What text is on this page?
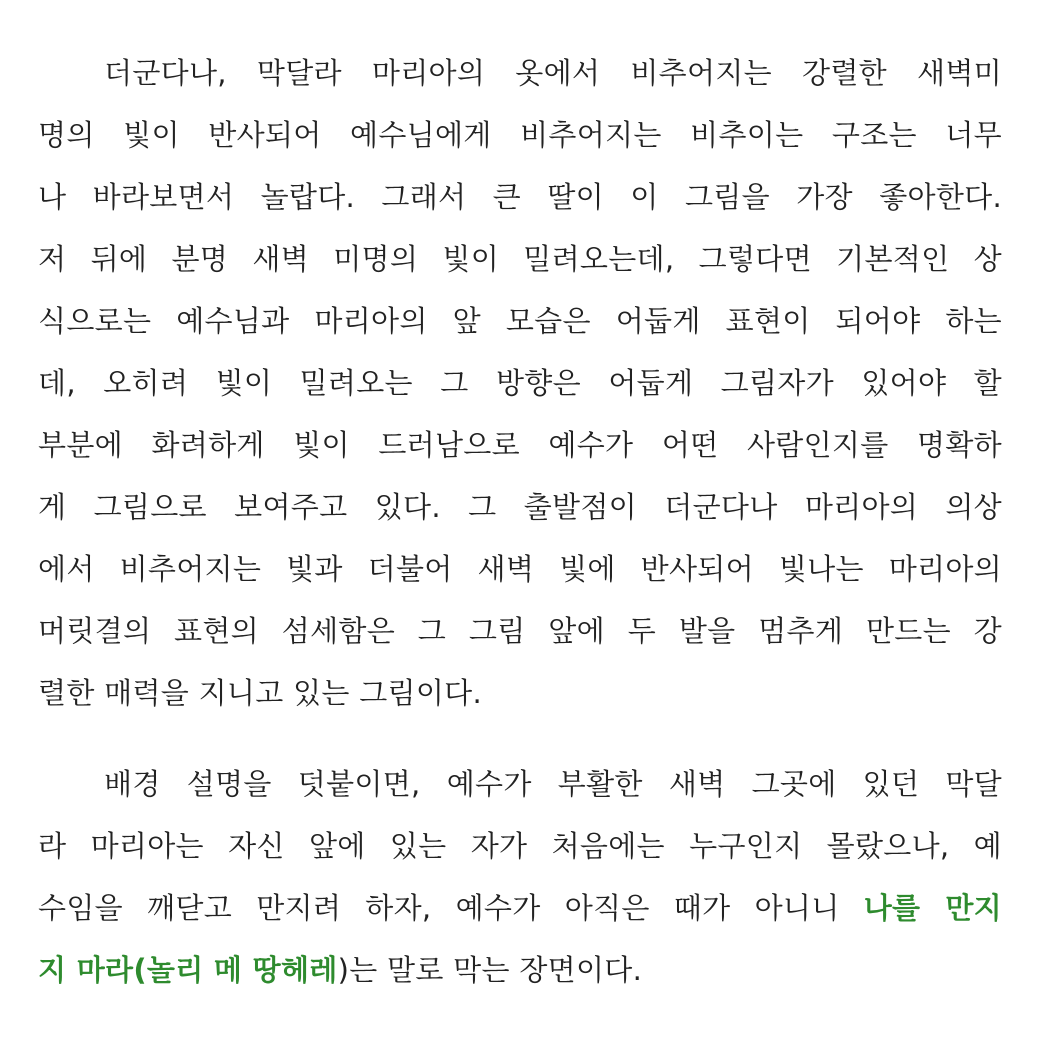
더군다나, 막달라 마리아의 옷에서 비추어지는 강렬한 새벽미
명의 빛이 반사되어 예수님에게 비추어지는 비추이는 구조는 너무
나 바라보면서 놀랍다. 그래서 큰 딸이 이 그림을 가장 좋아한다.
저 뒤에 분명 새벽 미명의 빛이 밀려오는데, 그렇다면 기본적인 상
식으로는 예수님과 마리아의 앞 모습은 어둡게 표현이 되어야 하는
데, 오히려 빛이 밀려오는 그 방향은 어둡게 그림자가 있어야 할
부분에 화려하게 빛이 드러남으로 예수가 어떤 사람인지를 명확하
게 그림으로 보여주고 있다. 그 출발점이 더군다나 마리아의 의상
에서 비추어지는 빛과 더불어 새벽 빛에 반사되어 빛나는 마리아의
머릿결의 표현의 섬세함은 그 그림 앞에 두 발을 멈추게 만드는 강
렬한 매력을 지니고 있는 그림이다.
배경 설명을 덧붙이면, 예수가 부활한 새벽 그곳에 있던 막달
라 마리아는 자신 앞에 있는 자가 처음에는 누구인지 몰랐으나, 예
수임을 깨닫고 만지려 하자, 예수가 아직은 때가 아니니 나를 만지
지 마라(놀리 메 땅헤레)는 말로 막는 장면이다.
